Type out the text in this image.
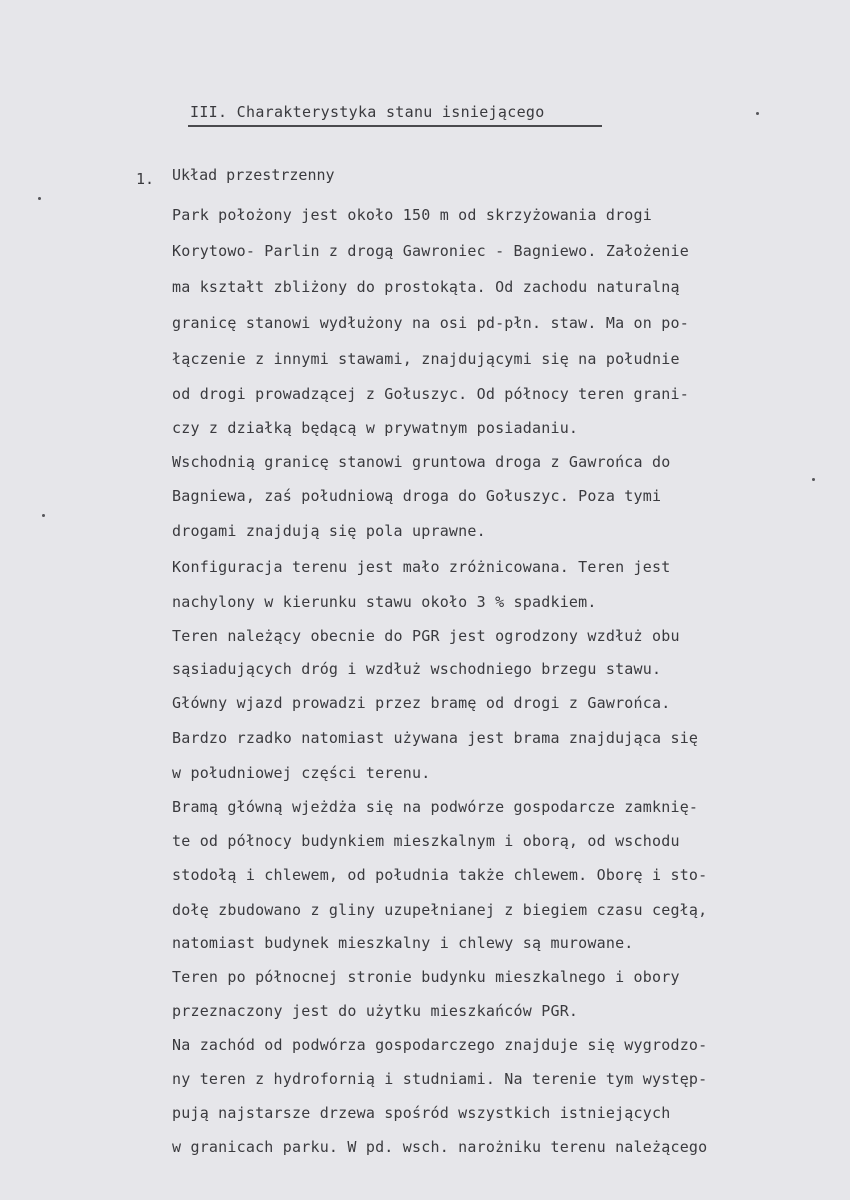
III. Charakterystyka stanu isniejącego
1. Układ przestrzenny
Park położony jest około 150 m od skrzyżowania drogi
Korytowo- Parlin z drogą Gawroniec - Bagniewo. Założenie
ma kształt zbliżony do prostokąta. Od zachodu naturalną
granicę stanowi wydłużony na osi pd-płn. staw. Ma on po-
łączenie z innymi stawami, znajdującymi się na południe
od drogi prowadzącej z Gołuszyc. Od północy teren grani-
czy z działką będącą w prywatnym posiadaniu.
Wschodnią granicę stanowi gruntowa droga z Gawrońca do
Bagniewa, zaś południową droga do Gołuszyc. Poza tymi
drogami znajdują się pola uprawne.
Konfiguracja terenu jest mało zróżnicowana. Teren jest
nachylony w kierunku stawu około 3 % spadkiem.
Teren należący obecnie do PGR jest ogrodzony wzdłuż obu
sąsiadujących dróg i wzdłuż wschodniego brzegu stawu.
Główny wjazd prowadzi przez bramę od drogi z Gawrońca.
Bardzo rzadko natomiast używana jest brama znajdująca się
w południowej części terenu.
Bramą główną wjeżdża się na podwórze gospodarcze zamknię-
te od północy budynkiem mieszkalnym i oborą, od wschodu
stodołą i chlewem, od południa także chlewem. Oborę i sto-
dołę zbudowano z gliny uzupełnianej z biegiem czasu cegłą,
natomiast budynek mieszkalny i chlewy są murowane.
Teren po północnej stronie budynku mieszkalnego i obory
przeznaczony jest do użytku mieszkańców PGR.
Na zachód od podwórza gospodarczego znajduje się wygrodzo-
ny teren z hydrofornią i studniami. Na terenie tym występ-
pują najstarsze drzewa spośród wszystkich istniejących
w granicach parku. W pd. wsch. narożniku terenu należącego
